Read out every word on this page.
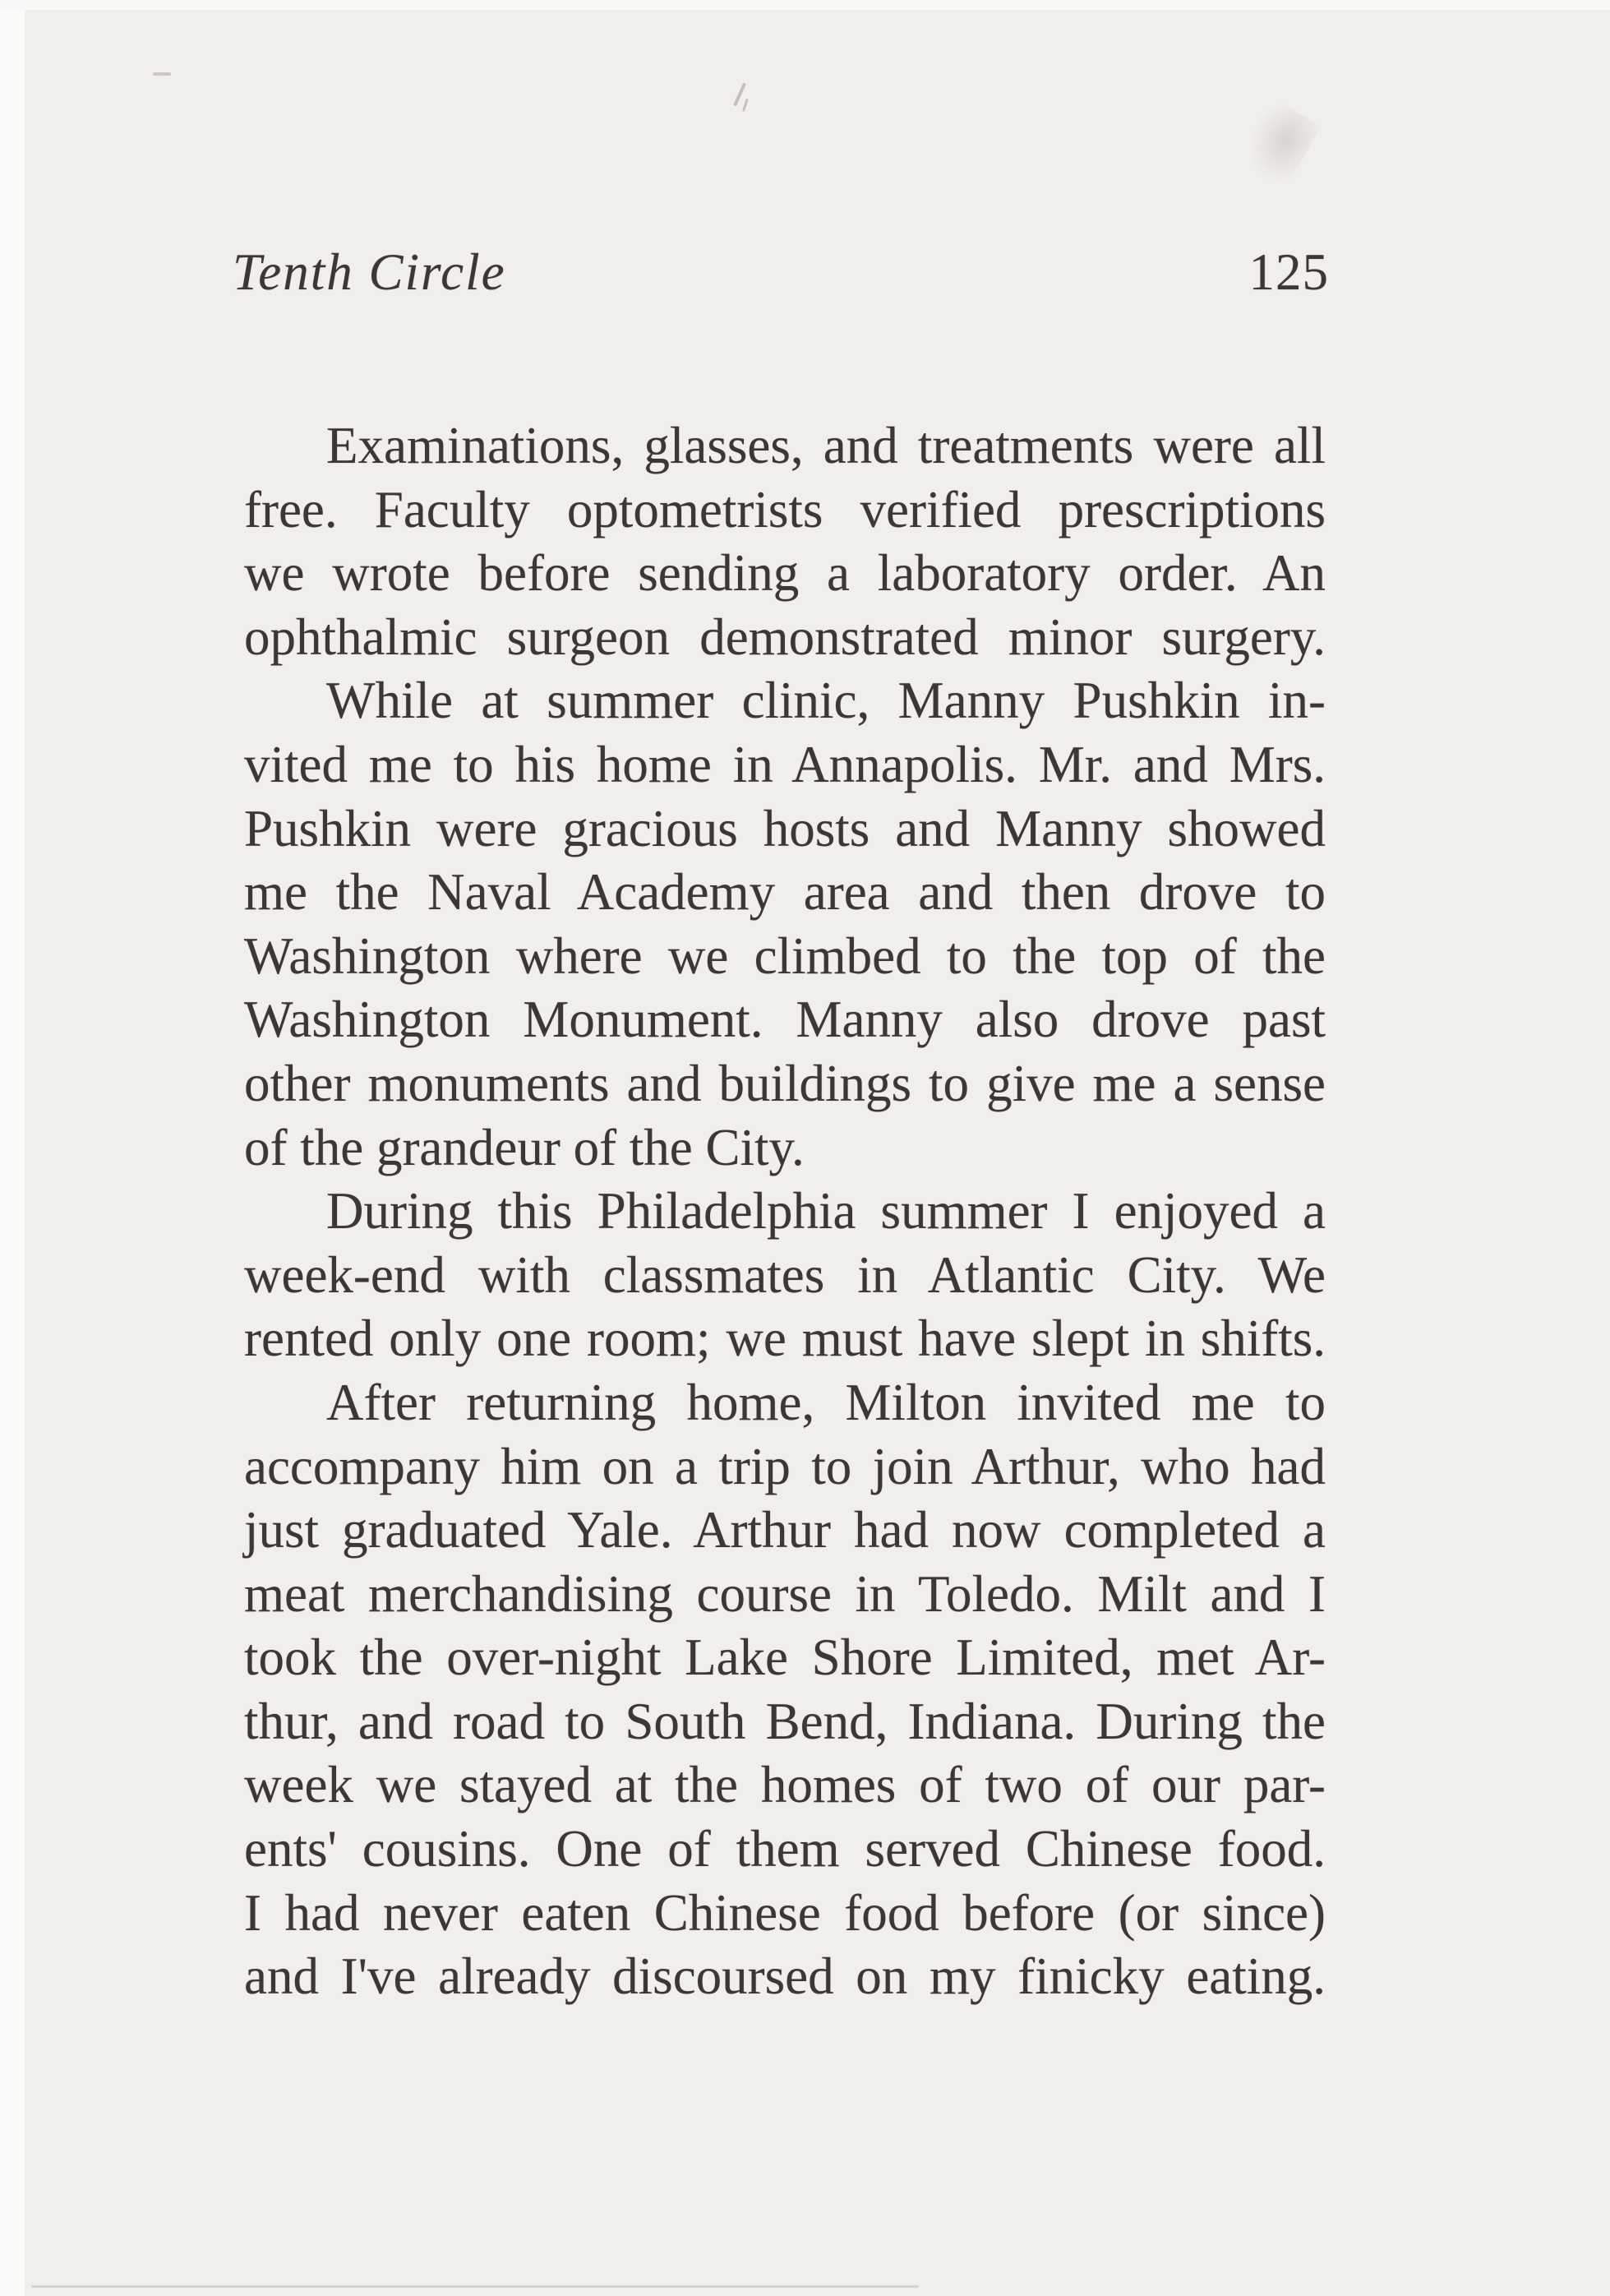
Tenth Circle	125
Examinations, glasses, and treatments were all
free. Faculty optometrists verified prescriptions
we wrote before sending a laboratory order. An
ophthalmic surgeon demonstrated minor surgery.
While at summer clinic, Manny Pushkin in-
vited me to his home in Annapolis. Mr. and Mrs.
Pushkin were gracious hosts and Manny showed
me the Naval Academy area and then drove to
Washington where we climbed to the top of the
Washington Monument. Manny also drove past
other monuments and buildings to give me a sense
of the grandeur of the City.
During this Philadelphia summer I enjoyed a
week-end with classmates in Atlantic City. We
rented only one room; we must have slept in shifts.
After returning home, Milton invited me to
accompany him on a trip to join Arthur, who had
just graduated Yale. Arthur had now completed a
meat merchandising course in Toledo. Milt and I
took the over-night Lake Shore Limited, met Ar-
thur, and road to South Bend, Indiana. During the
week we stayed at the homes of two of our par-
ents' cousins. One of them served Chinese food.
I had never eaten Chinese food before (or since)
and I've already discoursed on my finicky eating.
